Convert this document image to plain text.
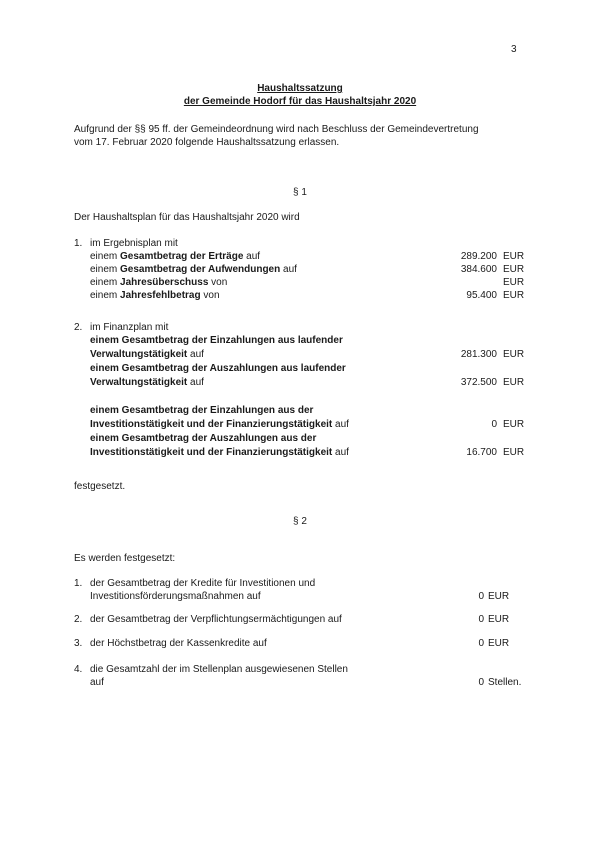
3
Haushaltssatzung
der Gemeinde Hodorf für das Haushaltsjahr 2020
Aufgrund der §§ 95 ff. der Gemeindeordnung wird nach Beschluss der Gemeindevertretung
vom 17. Februar 2020 folgende Haushaltssatzung erlassen.
§ 1
Der Haushaltsplan für das Haushaltsjahr 2020 wird
1. im Ergebnisplan mit
einem Gesamtbetrag der Erträge auf	289.200 EUR
einem Gesamtbetrag der Aufwendungen auf	384.600 EUR
einem Jahresüberschuss von	EUR
einem Jahresfehlbetrag von	95.400 EUR
2. im Finanzplan mit
einem Gesamtbetrag der Einzahlungen aus laufender
Verwaltungstätigkeit auf	281.300 EUR
einem Gesamtbetrag der Auszahlungen aus laufender
Verwaltungstätigkeit auf	372.500 EUR
einem Gesamtbetrag der Einzahlungen aus der
Investitionstätigkeit und der Finanzierungstätigkeit auf	0 EUR
einem Gesamtbetrag der Auszahlungen aus der
Investitionstätigkeit und der Finanzierungstätigkeit auf	16.700 EUR
festgesetzt.
§ 2
Es werden festgesetzt:
1. der Gesamtbetrag der Kredite für Investitionen und
Investitionsförderungsmaßnahmen auf	0 EUR
2. der Gesamtbetrag der Verpflichtungsermächtigungen auf	0 EUR
3. der Höchstbetrag der Kassenkredite auf	0 EUR
4. die Gesamtzahl der im Stellenplan ausgewiesenen Stellen
auf	0 Stellen.
